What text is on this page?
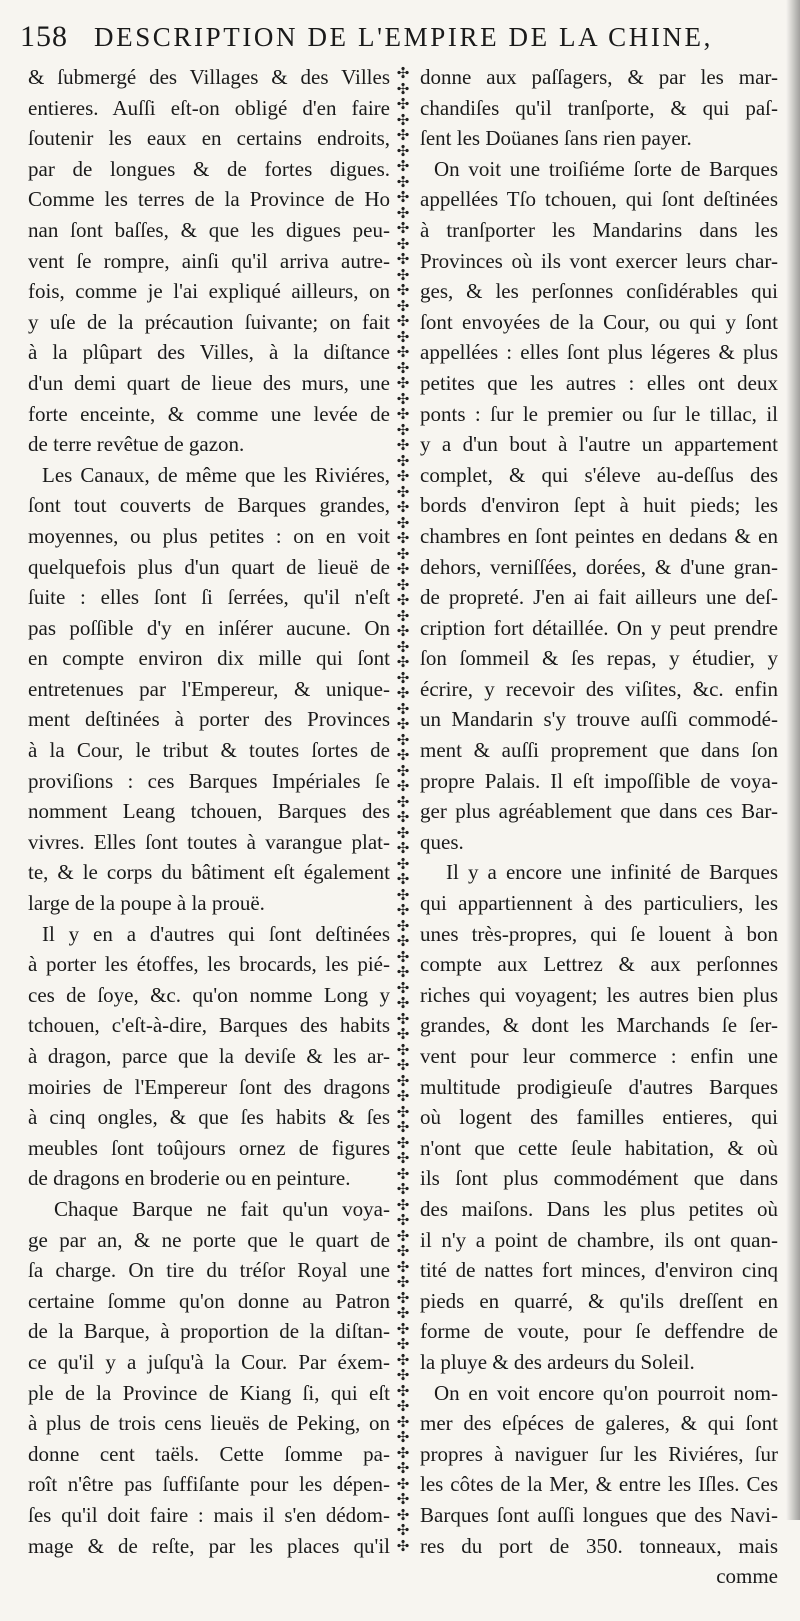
158 DESCRIPTION DE L'EMPIRE DE LA CHINE,
& ſubmergé des Villages & des Villes
entieres. Auſſi eſt-on obligé d'en faire
ſoutenir les eaux en certains endroits,
par de longues & de fortes digues.
Comme les terres de la Province de Ho
nan ſont baſſes, & que les digues peu-
vent ſe rompre, ainſi qu'il arriva autre-
fois, comme je l'ai expliqué ailleurs, on
y uſe de la précaution ſuivante; on fait
à la plûpart des Villes, à la diſtance
d'un demi quart de lieue des murs, une
forte enceinte, & comme une levée de
de terre revêtue de gazon.
Les Canaux, de même que les Riviéres,
ſont tout couverts de Barques grandes,
moyennes, ou plus petites : on en voit
quelquefois plus d'un quart de lieuë de
ſuite : elles ſont ſi ſerrées, qu'il n'eſt
pas poſſible d'y en inſérer aucune. On
en compte environ dix mille qui ſont
entretenues par l'Empereur, & unique-
ment deſtinées à porter des Provinces
à la Cour, le tribut & toutes ſortes de
proviſions : ces Barques Impériales ſe
nomment Leang tchouen, Barques des
vivres. Elles ſont toutes à varangue plat-
te, & le corps du bâtiment eſt également
large de la poupe à la prouë.
Il y en a d'autres qui ſont deſtinées
à porter les étoffes, les brocards, les pié-
ces de ſoye, &c. qu'on nomme Long y
tchouen, c'eſt-à-dire, Barques des habits
à dragon, parce que la deviſe & les ar-
moiries de l'Empereur ſont des dragons
à cinq ongles, & que ſes habits & ſes
meubles ſont toûjours ornez de figures
de dragons en broderie ou en peinture.
Chaque Barque ne fait qu'un voya-
ge par an, & ne porte que le quart de
ſa charge. On tire du tréſor Royal une
certaine ſomme qu'on donne au Patron
de la Barque, à proportion de la diſtan-
ce qu'il y a juſqu'à la Cour. Par éxem-
ple de la Province de Kiang ſi, qui eſt
à plus de trois cens lieuës de Peking, on
donne cent taëls. Cette ſomme pa-
roît n'être pas ſuffiſante pour les dépen-
ſes qu'il doit faire : mais il s'en dédom-
mage & de reſte, par les places qu'il
✣
✣
✣
✣
✣
✣
✣
✣
✣
✣
✣
✣
✣
✣
✣
✣
✣
✣
✣
✣
✣
✣
✣
✣
✣
✣
✣
✣
✣
✣
✣
✣
✣
✣
✣
✣
✣
✣
✣
✣
✣
✣
✣
✣
✣
✣
✣
✣
✣
✣
✣
✣
✣
✣
✣
✣
✣
✣
✣
✣
✣
✣
✣
✣
✣
✣
✣
✣
✣
✣
✣
✣
✣
✣
✣
✣
✣
✣
✣
✣
✣
✣
✣
✣
✣
✣
✣
✣
✣
✣
✣
✣
✣
✣
✣
✣
donne aux paſſagers, & par les mar-
chandiſes qu'il tranſporte, & qui paſ-
ſent les Doüanes ſans rien payer.
On voit une troiſiéme ſorte de Barques
appellées Tſo tchouen, qui ſont deſtinées
à tranſporter les Mandarins dans les
Provinces où ils vont exercer leurs char-
ges, & les perſonnes conſidérables qui
ſont envoyées de la Cour, ou qui y ſont
appellées : elles ſont plus légeres & plus
petites que les autres : elles ont deux
ponts : ſur le premier ou ſur le tillac, il
y a d'un bout à l'autre un appartement
complet, & qui s'éleve au-deſſus des
bords d'environ ſept à huit pieds; les
chambres en ſont peintes en dedans & en
dehors, verniſſées, dorées, & d'une gran-
de propreté. J'en ai fait ailleurs une deſ-
cription fort détaillée. On y peut prendre
ſon ſommeil & ſes repas, y étudier, y
écrire, y recevoir des viſites, &c. enfin
un Mandarin s'y trouve auſſi commodé-
ment & auſſi proprement que dans ſon
propre Palais. Il eſt impoſſible de voya-
ger plus agréablement que dans ces Bar-
ques.
Il y a encore une infinité de Barques
qui appartiennent à des particuliers, les
unes très-propres, qui ſe louent à bon
compte aux Lettrez & aux perſonnes
riches qui voyagent; les autres bien plus
grandes, & dont les Marchands ſe ſer-
vent pour leur commerce : enfin une
multitude prodigieuſe d'autres Barques
où logent des familles entieres, qui
n'ont que cette ſeule habitation, & où
ils ſont plus commodément que dans
des maiſons. Dans les plus petites où
il n'y a point de chambre, ils ont quan-
tité de nattes fort minces, d'environ cinq
pieds en quarré, & qu'ils dreſſent en
forme de voute, pour ſe deffendre de
la pluye & des ardeurs du Soleil.
On en voit encore qu'on pourroit nom-
mer des eſpéces de galeres, & qui ſont
propres à naviguer ſur les Riviéres, ſur
les côtes de la Mer, & entre les Iſles. Ces
Barques ſont auſſi longues que des Navi-
res du port de 350. tonneaux, mais
comme
